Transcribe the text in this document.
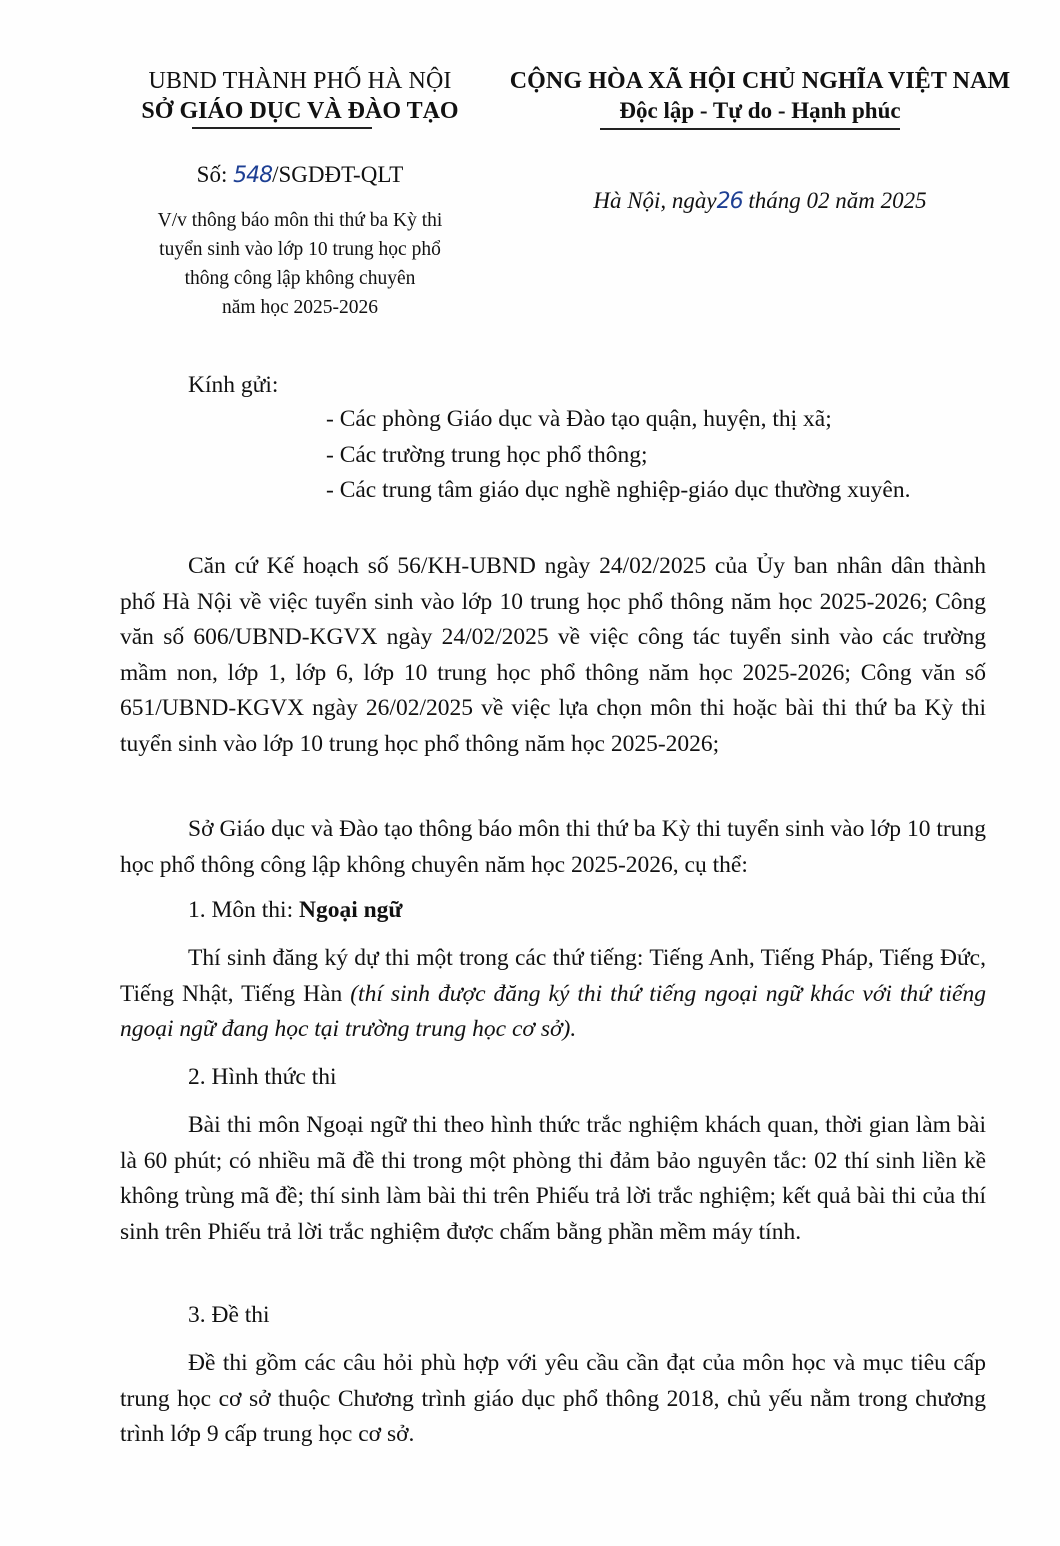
UBND THÀNH PHỐ HÀ NỘI
SỞ GIÁO DỤC VÀ ĐÀO TẠO
Số: 548/SGDĐT-QLT
V/v thông báo môn thi thứ ba Kỳ thi
tuyển sinh vào lớp 10 trung học phổ
thông công lập không chuyên
năm học 2025-2026
CỘNG HÒA XÃ HỘI CHỦ NGHĨA VIỆT NAM
Độc lập - Tự do - Hạnh phúc
Hà Nội, ngày26 tháng 02 năm 2025
Kính gửi:
- Các phòng Giáo dục và Đào tạo quận, huyện, thị xã;
- Các trường trung học phổ thông;
- Các trung tâm giáo dục nghề nghiệp-giáo dục thường xuyên.
Căn cứ Kế hoạch số 56/KH-UBND ngày 24/02/2025 của Ủy ban nhân dân thành phố Hà Nội về việc tuyển sinh vào lớp 10 trung học phổ thông năm học 2025-2026; Công văn số 606/UBND-KGVX ngày 24/02/2025 về việc công tác tuyển sinh vào các trường mầm non, lớp 1, lớp 6, lớp 10 trung học phổ thông năm học 2025-2026; Công văn số 651/UBND-KGVX ngày 26/02/2025 về việc lựa chọn môn thi hoặc bài thi thứ ba Kỳ thi tuyển sinh vào lớp 10 trung học phổ thông năm học 2025-2026;
Sở Giáo dục và Đào tạo thông báo môn thi thứ ba Kỳ thi tuyển sinh vào lớp 10 trung học phổ thông công lập không chuyên năm học 2025-2026, cụ thể:
1. Môn thi: Ngoại ngữ
Thí sinh đăng ký dự thi một trong các thứ tiếng: Tiếng Anh, Tiếng Pháp, Tiếng Đức, Tiếng Nhật, Tiếng Hàn (thí sinh được đăng ký thi thứ tiếng ngoại ngữ khác với thứ tiếng ngoại ngữ đang học tại trường trung học cơ sở).
2. Hình thức thi
Bài thi môn Ngoại ngữ thi theo hình thức trắc nghiệm khách quan, thời gian làm bài là 60 phút; có nhiều mã đề thi trong một phòng thi đảm bảo nguyên tắc: 02 thí sinh liền kề không trùng mã đề; thí sinh làm bài thi trên Phiếu trả lời trắc nghiệm; kết quả bài thi của thí sinh trên Phiếu trả lời trắc nghiệm được chấm bằng phần mềm máy tính.
3. Đề thi
Đề thi gồm các câu hỏi phù hợp với yêu cầu cần đạt của môn học và mục tiêu cấp trung học cơ sở thuộc Chương trình giáo dục phổ thông 2018, chủ yếu nằm trong chương trình lớp 9 cấp trung học cơ sở.
